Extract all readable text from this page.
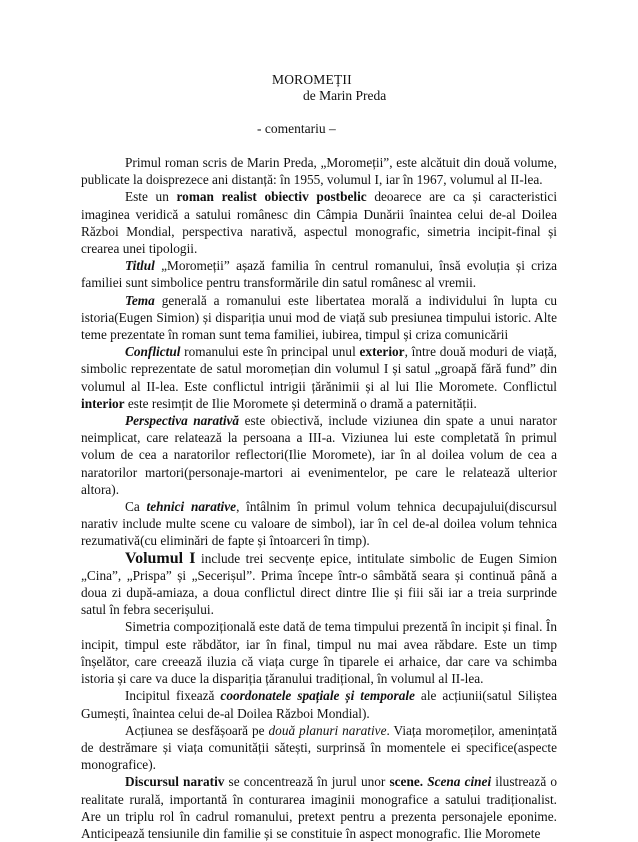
MOROMEȚII
de Marin Preda
- comentariu –

Primul roman scris de Marin Preda, „Moromeții”, este alcătuit din două volume, publicate la doisprezece ani distanță: în 1955, volumul I, iar în 1967, volumul al II-lea.

Este un roman realist obiectiv postbelic deoarece are ca și caracteristici imaginea veridică a satului românesc din Câmpia Dunării înaintea celui de-al Doilea Război Mondial, perspectiva narativă, aspectul monografic, simetria incipit-final și crearea unei tipologii.

Titlul „Moromeții” așază familia în centrul romanului, însă evoluția și criza familiei sunt simbolice pentru transformările din satul românesc al vremii.

Tema generală a romanului este libertatea morală a individului în lupta cu istoria(Eugen Simion) și dispariția unui mod de viață sub presiunea timpului istoric. Alte teme prezentate în roman sunt tema familiei, iubirea, timpul și criza comunicării

Conflictul romanului este în principal unul exterior, între două moduri de viață, simbolic reprezentate de satul moromețian din volumul I și satul „groapă fără fund” din volumul al II-lea. Este conflictul intrigii țărănimii și al lui Ilie Moromete. Conflictul interior este resimțit de Ilie Moromete și determină o dramă a paternității.

Perspectiva narativă este obiectivă, include viziunea din spate a unui narator neimplicat, care relatează la persoana a III-a. Viziunea lui este completată în primul volum de cea a naratorilor reflectori(Ilie Moromete), iar în al doilea volum de cea a naratorilor martori(personaje-martori ai evenimentelor, pe care le relatează ulterior altora).

Ca tehnici narative, întâlnim în primul volum tehnica decupajului(discursul narativ include multe scene cu valoare de simbol), iar în cel de-al doilea volum tehnica rezumativă(cu eliminări de fapte și întoarceri în timp).

Volumul I include trei secvențe epice, intitulate simbolic de Eugen Simion „Cina”, „Prispa” și „Secerișul”. Prima începe într-o sâmbătă seara și continuă până a doua zi după-amiaza, a doua conflictul direct dintre Ilie și fiii săi iar a treia surprinde satul în febra secerișului.

Simetria compozițională este dată de tema timpului prezentă în incipit și final. În incipit, timpul este răbdător, iar în final, timpul nu mai avea răbdare. Este un timp înșelător, care creează iluzia că viața curge în tiparele ei arhaice, dar care va schimba istoria și care va duce la dispariția țăranului tradițional, în volumul al II-lea.

Incipitul fixează coordonatele spațiale și temporale ale acțiunii(satul Siliștea Gumești, înaintea celui de-al Doilea Război Mondial).

Acțiunea se desfășoară pe două planuri narative. Viața moromeților, amenințată de destrămare și viața comunității sătești, surprinsă în momentele ei specifice(aspecte monografice).

Discursul narativ se concentrează în jurul unor scene. Scena cinei ilustrează o realitate rurală, importantă în conturarea imaginii monografice a satului tradiționalist. Are un triplu rol în cadrul romanului, pretext pentru a prezenta personajele eponime. Anticipează tensiunile din familie și se constituie în aspect monografic. Ilie Moromete
